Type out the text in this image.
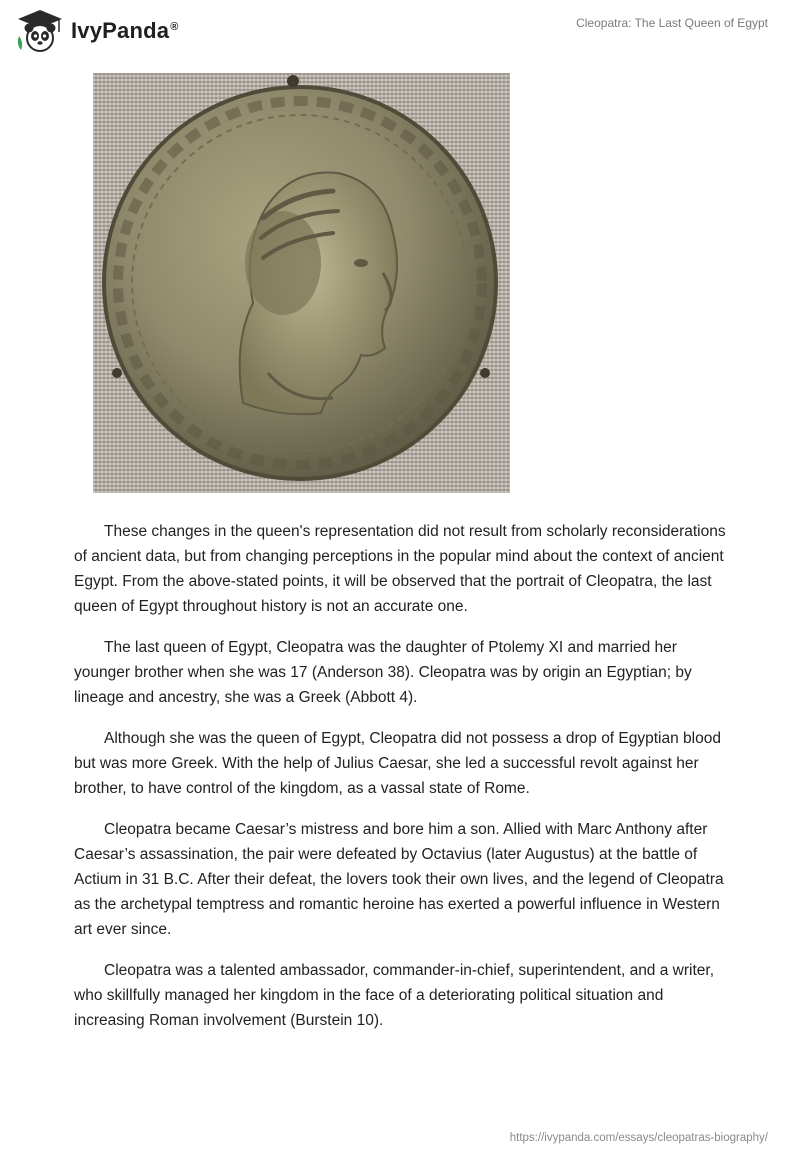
IvyPanda®	Cleopatra: The Last Queen of Egypt

These changes in the queen's representation did not result from scholarly reconsiderations of ancient data, but from changing perceptions in the popular mind about the context of ancient Egypt. From the above-stated points, it will be observed that the portrait of Cleopatra, the last queen of Egypt throughout history is not an accurate one.

The last queen of Egypt, Cleopatra was the daughter of Ptolemy XI and married her younger brother when she was 17 (Anderson 38). Cleopatra was by origin an Egyptian; by lineage and ancestry, she was a Greek (Abbott 4).

Although she was the queen of Egypt, Cleopatra did not possess a drop of Egyptian blood but was more Greek. With the help of Julius Caesar, she led a successful revolt against her brother, to have control of the kingdom, as a vassal state of Rome.

Cleopatra became Caesar’s mistress and bore him a son. Allied with Marc Anthony after Caesar’s assassination, the pair were defeated by Octavius (later Augustus) at the battle of Actium in 31 B.C. After their defeat, the lovers took their own lives, and the legend of Cleopatra as the archetypal temptress and romantic heroine has exerted a powerful influence in Western art ever since.

Cleopatra was a talented ambassador, commander-in-chief, superintendent, and a writer, who skillfully managed her kingdom in the face of a deteriorating political situation and increasing Roman involvement (Burstein 10).

https://ivypanda.com/essays/cleopatras-biography/
